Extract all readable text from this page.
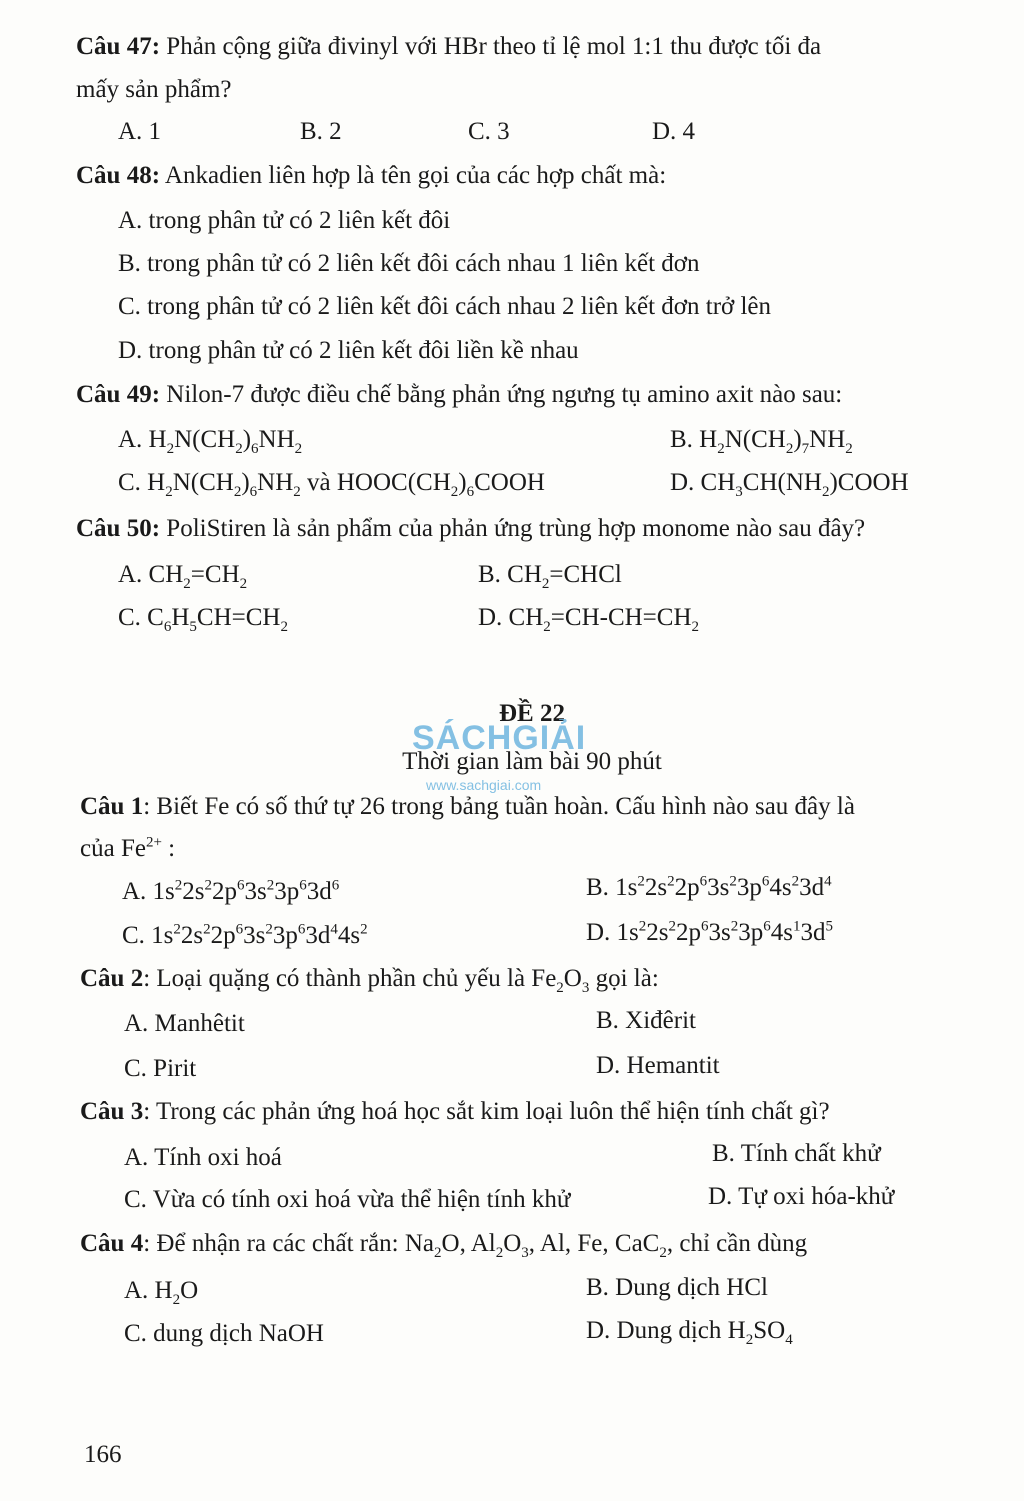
Câu 47: Phản cộng giữa đivinyl với HBr theo tỉ lệ mol 1:1 thu được tối đa
mấy sản phẩm?
A. 1	B. 2	C. 3	D. 4
Câu 48: Ankadien liên hợp là tên gọi của các hợp chất mà:
A. trong phân tử có 2 liên kết đôi
B. trong phân tử có 2 liên kết đôi cách nhau 1 liên kết đơn
C. trong phân tử có 2 liên kết đôi cách nhau 2 liên kết đơn trở lên
D. trong phân tử có 2 liên kết đôi liền kề nhau
Câu 49: Nilon-7 được điều chế bằng phản ứng ngưng tụ amino axit nào sau:
A. $H_2N(CH_2)_6NH_2$	B. $H_2N(CH_2)_7NH_2$
C. $H_2N(CH_2)_6NH_2$ và $HOOC(CH_2)_6COOH$	D. $CH_3CH(NH_2)COOH$
Câu 50: PoliStiren là sản phẩm của phản ứng trùng hợp monome nào sau đây?
A. $CH_2=CH_2$	B. $CH_2=CHCl$
C. $C_6H_5CH=CH_2$	D. $CH_2=CH-CH=CH_2$
ĐỀ 22
Thời gian làm bài 90 phút
SÁCHGIẢI
www.sachgiai.com
Câu 1: Biết Fe có số thứ tự 26 trong bảng tuần hoàn. Cấu hình nào sau đây là
của $Fe^{2+}$ :
A. $1s^22s^22p^63s^23p^63d^6$	B. $1s^22s^22p^63s^23p^64s^23d^4$
C. $1s^22s^22p^63s^23p^63d^44s^2$	D. $1s^22s^22p^63s^23p^64s^13d^5$
Câu 2: Loại quặng có thành phần chủ yếu là $Fe_2O_3$ gọi là:
A. Manhêtit	B. Xiđêrit
C. Pirit	D. Hemantit
Câu 3: Trong các phản ứng hoá học sắt kim loại luôn thể hiện tính chất gì?
A. Tính oxi hoá	B. Tính chất khử
C. Vừa có tính oxi hoá vừa thể hiện tính khử	D. Tự oxi hóa-khử
Câu 4: Để nhận ra các chất rắn: $Na_2O$, $Al_2O_3$, Al, Fe, CaC$_2$, chỉ cần dùng
A. $H_2O$	B. Dung dịch HCl
C. dung dịch NaOH	D. Dung dịch $H_2SO_4$
166
